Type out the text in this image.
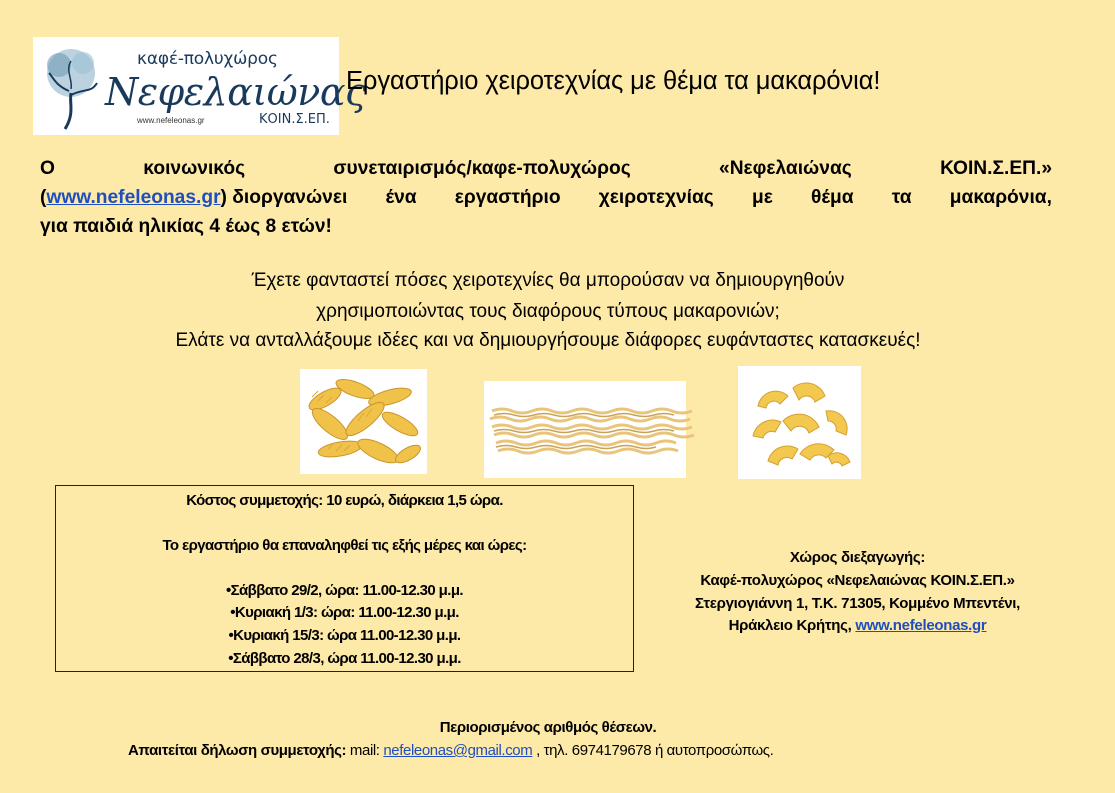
καφέ-πολυχώρος
Νεφελαιώνας
www.nefeleonas.gr	ΚΟΙΝ.Σ.ΕΠ.
Εργαστήριο χειροτεχνίας με θέμα τα μακαρόνια!
Ο	κοινωνικός	συνεταιρισμός/καφε-πολυχώρος	«Νεφελαιώνας	ΚΟΙΝ.Σ.ΕΠ.»
(www.nefeleonas.gr) διοργανώνει ένα εργαστήριο χειροτεχνίας με θέμα τα μακαρόνια,
για παιδιά ηλικίας 4 έως 8 ετών!
Έχετε φανταστεί πόσες χειροτεχνίες θα μπορούσαν να δημιουργηθούν
χρησιμοποιώντας τους διαφόρους τύπους μακαρονιών;
Ελάτε να ανταλλάξουμε ιδέες και να δημιουργήσουμε διάφορες ευφάνταστες κατασκευές!
Κόστος συμμετοχής: 10 ευρώ, διάρκεια 1,5 ώρα.
Το εργαστήριο θα επαναληφθεί τις εξής μέρες και ώρες:
•Σάββατο 29/2, ώρα: 11.00-12.30 μ.μ.
•Κυριακή 1/3: ώρα: 11.00-12.30 μ.μ.
•Κυριακή 15/3: ώρα 11.00-12.30 μ.μ.
•Σάββατο 28/3, ώρα 11.00-12.30 μ.μ.
Χώρος διεξαγωγής:
Καφέ-πολυχώρος «Νεφελαιώνας ΚΟΙΝ.Σ.ΕΠ.»
Στεργιογιάννη 1, Τ.Κ. 71305, Κομμένο Μπεντένι,
Ηράκλειο Κρήτης, www.nefeleonas.gr
Περιορισμένος αριθμός θέσεων.
Απαιτείται δήλωση συμμετοχής: mail: nefeleonas@gmail.com , τηλ. 6974179678 ή αυτοπροσώπως.
